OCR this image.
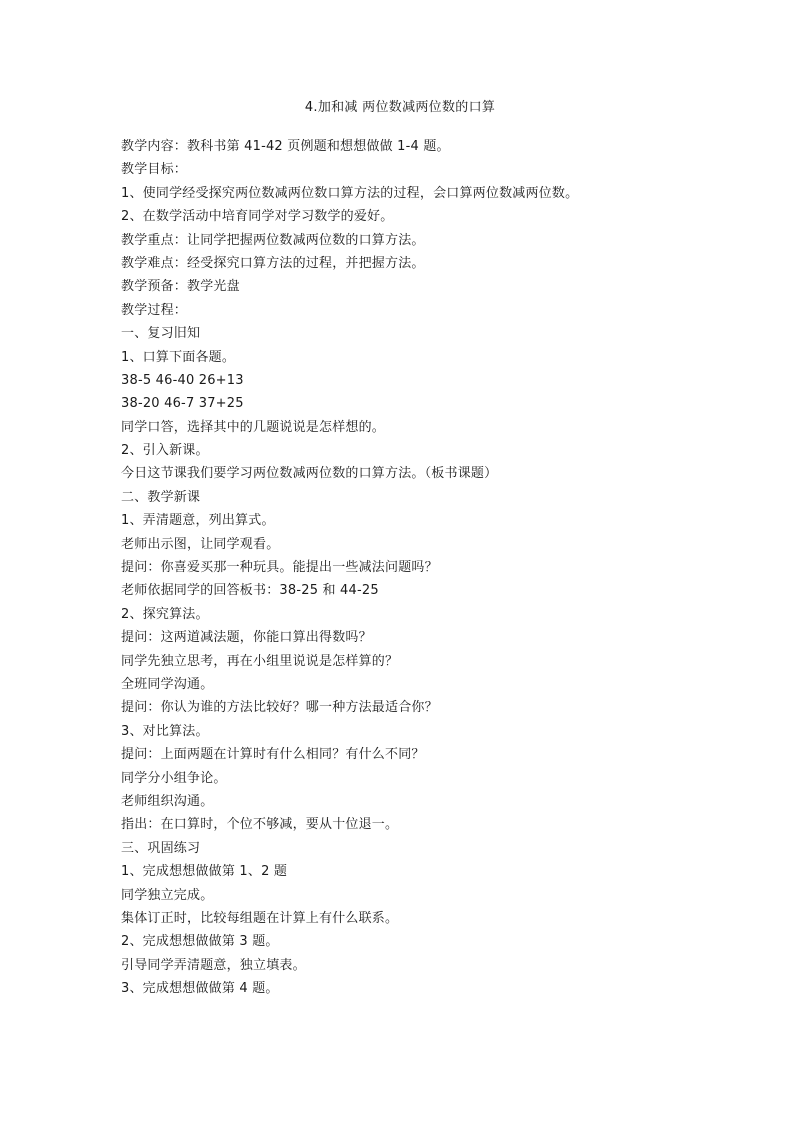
4.加和减 两位数减两位数的口算
教学内容：教科书第 41-42 页例题和想想做做 1-4 题。
教学目标：
1、使同学经受探究两位数减两位数口算方法的过程，会口算两位数减两位数。
2、在数学活动中培育同学对学习数学的爱好。
教学重点：让同学把握两位数减两位数的口算方法。
教学难点：经受探究口算方法的过程，并把握方法。
教学预备：教学光盘
教学过程：
一、复习旧知
1、口算下面各题。
38-5 46-40 26+13
38-20 46-7 37+25
同学口答，选择其中的几题说说是怎样想的。
2、引入新课。
今日这节课我们要学习两位数减两位数的口算方法。（板书课题）
二、教学新课
1、弄清题意，列出算式。
老师出示图，让同学观看。
提问：你喜爱买那一种玩具。能提出一些减法问题吗？
老师依据同学的回答板书：38-25 和 44-25
2、探究算法。
提问：这两道减法题，你能口算出得数吗？
同学先独立思考，再在小组里说说是怎样算的？
全班同学沟通。
提问：你认为谁的方法比较好？哪一种方法最适合你？
3、对比算法。
提问：上面两题在计算时有什么相同？有什么不同？
同学分小组争论。
老师组织沟通。
指出：在口算时，个位不够减，要从十位退一。
三、巩固练习
1、完成想想做做第 1、2 题
同学独立完成。
集体订正时，比较每组题在计算上有什么联系。
2、完成想想做做第 3 题。
引导同学弄清题意，独立填表。
3、完成想想做做第 4 题。
